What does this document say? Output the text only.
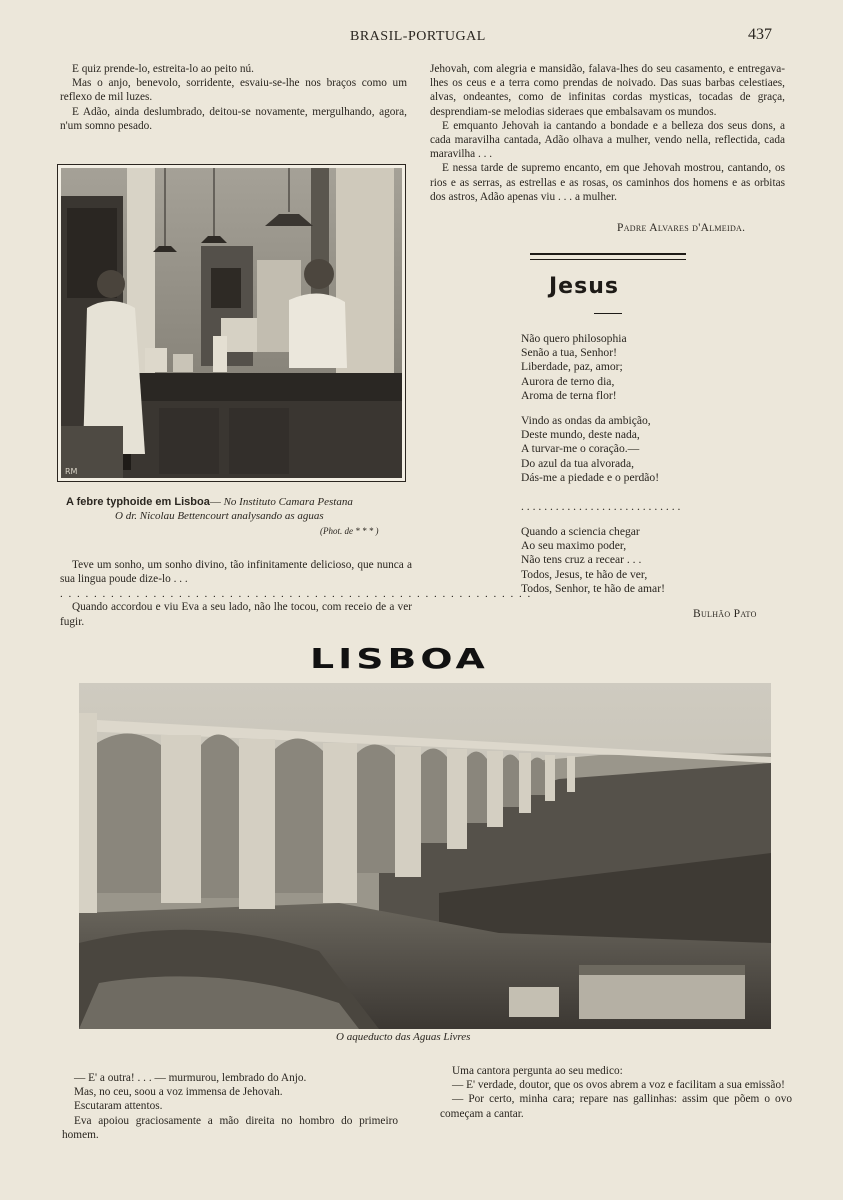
BRASIL-PORTUGAL	437

E quiz prende-lo, estreita-lo ao peito nú.

Mas o anjo, benevolo, sorridente, esvaiu-se-lhe nos braços como um reflexo de mil luzes.

E Adão, ainda deslumbrado, deitou-se novamente, mergulhando, agora, n'um somno pesado.

RM
A febre typhoide em Lisboa— No Instituto Camara Pestana
O dr. Nicolau Bettencourt analysando as aguas
(Phot. de * * * )

Teve um sonho, um sonho divino, tão infinitamente delicioso, que nunca a sua lingua poude dize-lo . . .

. . . . . . . . . . . . . . . . . . . . . . . . . . . . . . . . . . . . . . . . . . . . . . . . . . . . . . . .

Quando accordou e viu Eva a seu lado, não lhe tocou, com receio de a ver fugir.

Jehovah, com alegria e mansidão, falava-lhes do seu casamento, e entregava-lhes os ceus e a terra como prendas de noivado. Das suas barbas celestiaes, alvas, ondeantes, como de infinitas cordas mysticas, tocadas de graça, desprendiam-se melodias sideraes que embalsavam os mundos.

E emquanto Jehovah ia cantando a bondade e a belleza dos seus dons, a cada maravilha cantada, Adão olhava a mulher, vendo nella, reflectida, cada maravilha . . .

E nessa tarde de supremo encanto, em que Jehovah mostrou, cantando, os rios e as serras, as estrellas e as rosas, os caminhos dos homens e as orbitas dos astros, Adão apenas viu . . . a mulher.

Padre Alvares d'Almeida.
Jesus
Não quero philosophia
Senão a tua, Senhor!
Liberdade, paz, amor;
Aurora de terno dia,
Aroma de terna flor!
Vindo as ondas da ambição,
Deste mundo, deste nada,
A turvar-me o coração.—
Do azul da tua alvorada,
Dás-me a piedade e o perdão!
. . . . . . . . . . . . . . . . . . . . . . . . . . . .
Quando a sciencia chegar
Ao seu maximo poder,
Não tens cruz a recear . . .
Todos, Jesus, te hão de ver,
Todos, Senhor, te hão de amar!
Bulhão Pato
LISBOA
O aqueducto das Aguas Livres

— E' a outra! . . . — murmurou, lembrado do Anjo.

Mas, no ceu, soou a voz immensa de Jehovah.

Escutaram attentos.

Eva apoiou graciosamente a mão direita no hombro do primeiro homem.

Uma cantora pergunta ao seu medico:

— E' verdade, doutor, que os ovos abrem a voz e facilitam a sua emissão!

— Por certo, minha cara; repare nas gallinhas: assim que põem o ovo começam a cantar.
